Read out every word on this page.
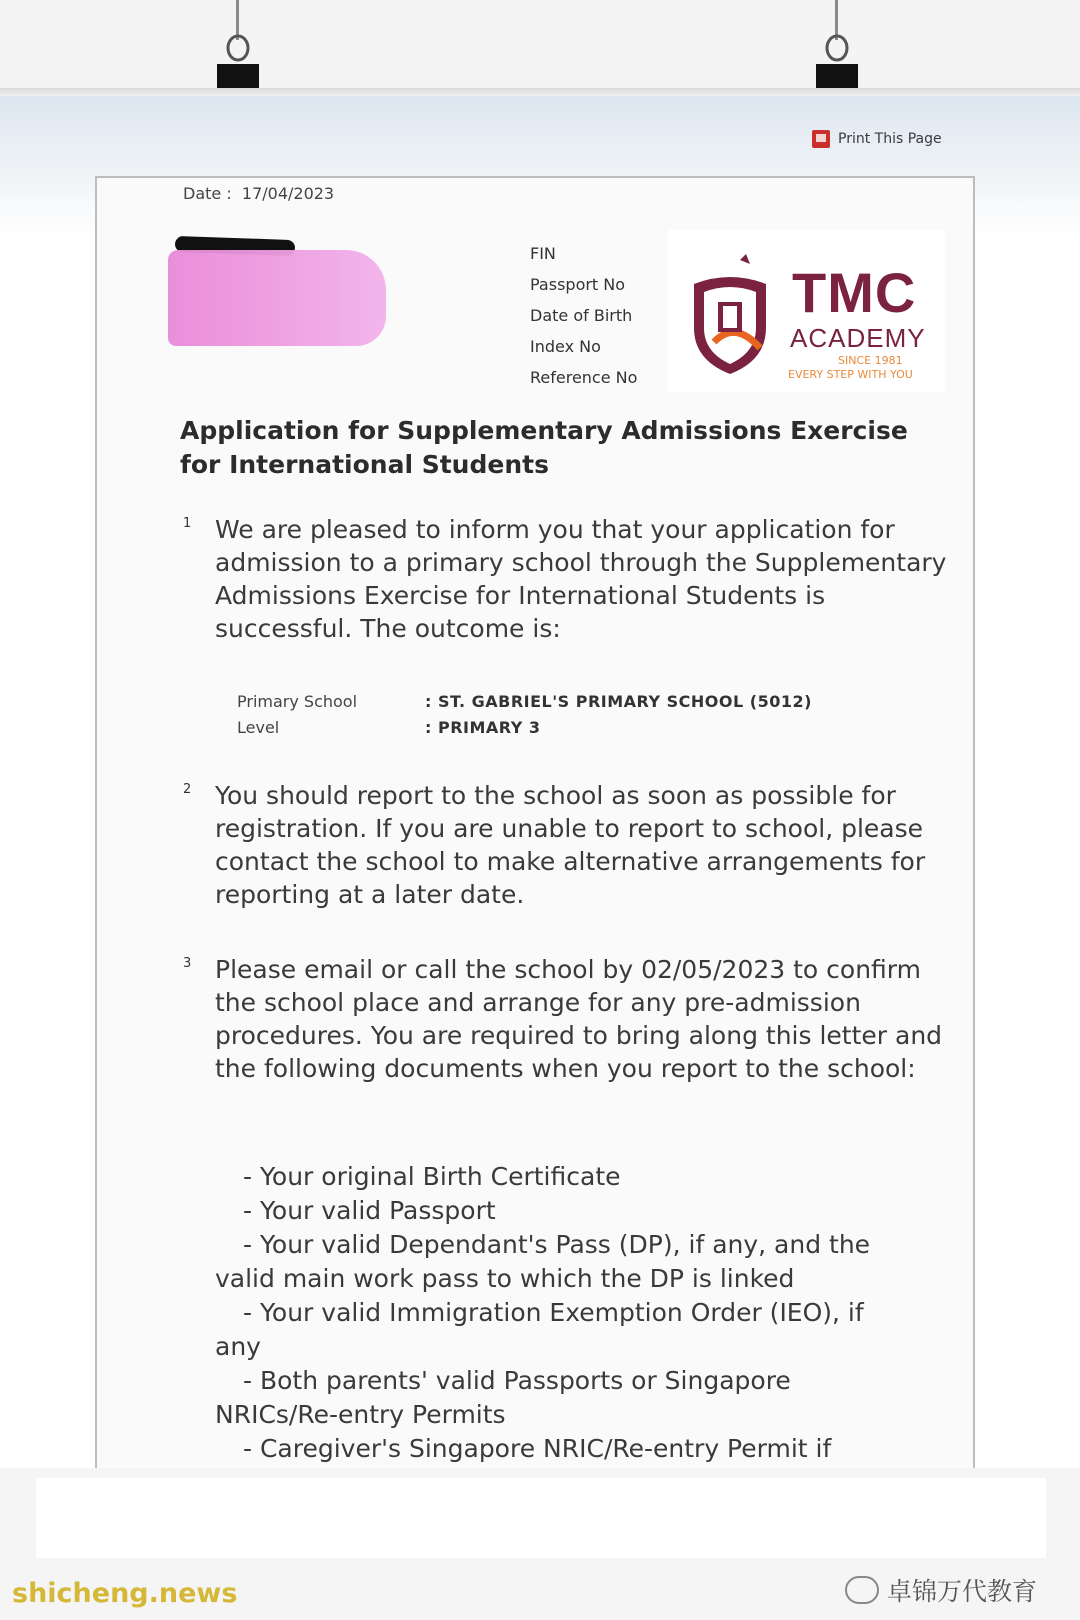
Print This Page
Date : 17/04/2023
FIN
Passport No
Date of Birth
Index No
Reference No
TMC
ACADEMY
SINCE 1981
EVERY STEP WITH YOU
Application for Supplementary Admissions Exercise
for International Students
1 We are pleased to inform you that your application for admission to a primary school through the Supplementary Admissions Exercise for International Students is successful. The outcome is:
Primary School	: ST. GABRIEL'S PRIMARY SCHOOL (5012)
Level	: PRIMARY 3
2 You should report to the school as soon as possible for registration. If you are unable to report to school, please contact the school to make alternative arrangements for reporting at a later date.
3 Please email or call the school by 02/05/2023 to confirm the school place and arrange for any pre-admission procedures. You are required to bring along this letter and the following documents when you report to the school:

- Your original Birth Certificate

- Your valid Passport

- Your valid Dependant's Pass (DP), if any, and the

valid main work pass to which the DP is linked

- Your valid Immigration Exemption Order (IEO), if

any

- Both parents' valid Passports or Singapore

NRICs/Re-entry Permits

- Caregiver's Singapore NRIC/Re-entry Permit if

卓锦万代教育
shicheng.news
